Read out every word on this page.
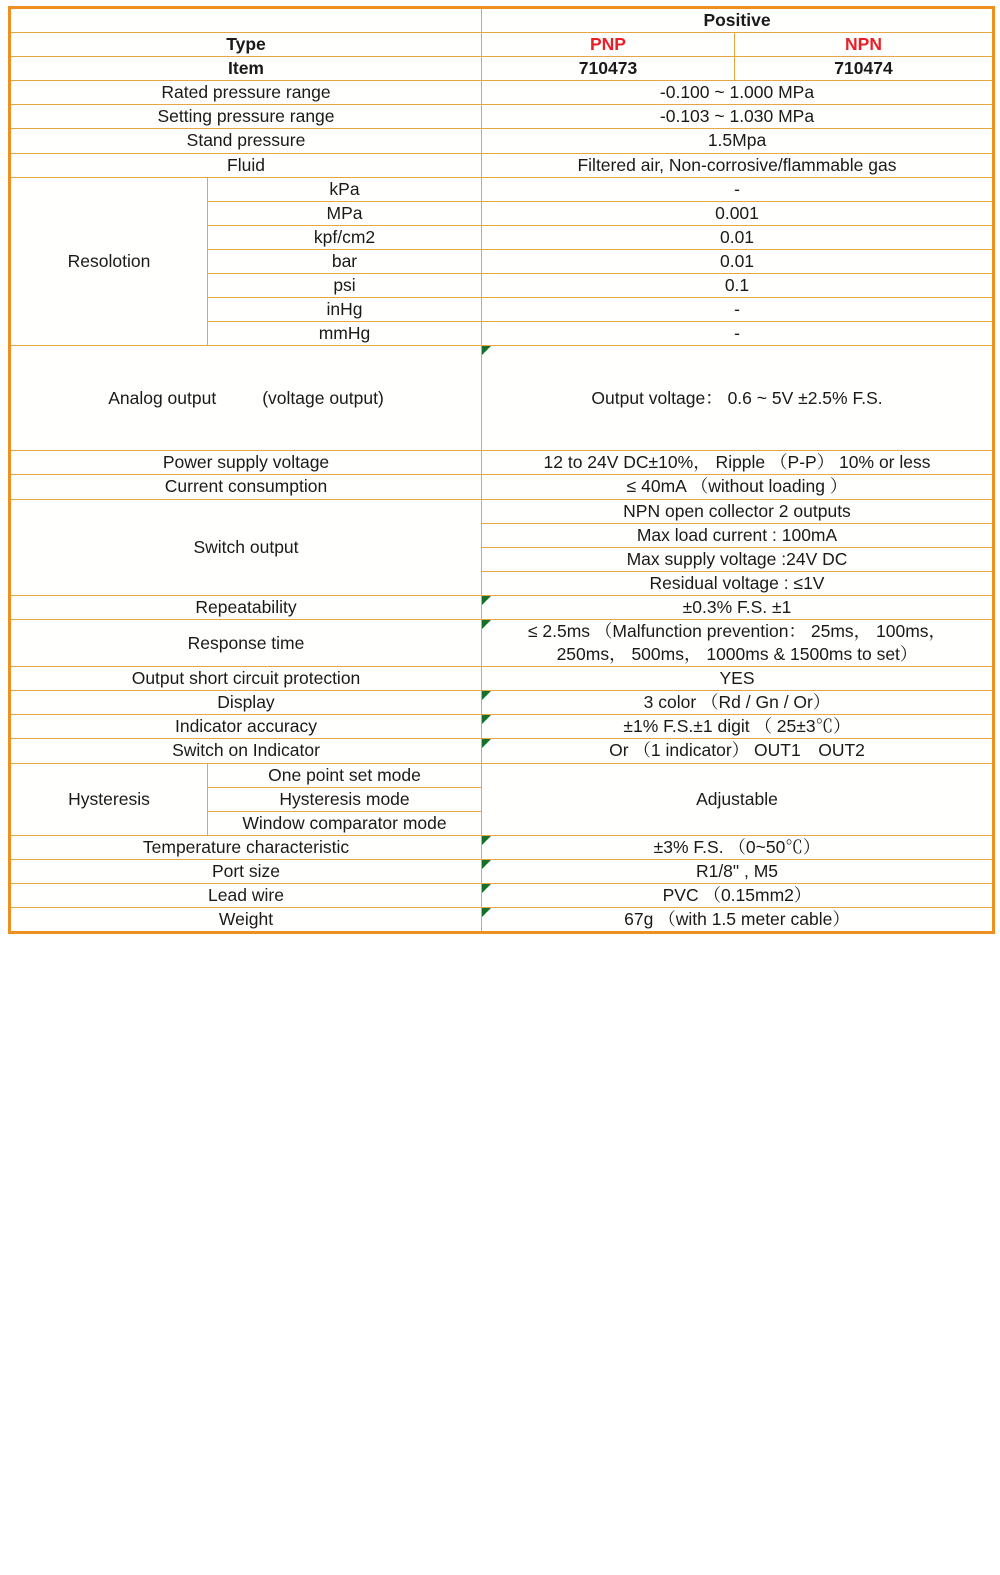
		Positive	
Type		PNP	NPN
Item		710473	710474
Rated pressure range		-0.100 ~ 1.000 MPa	
Setting pressure range		-0.103 ~ 1.030 MPa	
Stand pressure		1.5Mpa	
Fluid		Filtered air, Non-corrosive/flammable gas	
Resolotion	kPa	-	
	MPa	0.001	
	kpf/cm2	0.01	
	bar	0.01	
	psi	0.1	
	inHg	-	
	mmHg	-	
Analog output (voltage output)		Output voltage： 0.6 ~ 5V ±2.5% F.S.	
Power supply voltage		12 to 24V DC±10%， Ripple （P-P） 10% or less	
Current consumption		≤ 40mA （without loading ）	
Switch output		NPN open collector 2 outputs	
		Max load current : 100mA	
		Max supply voltage :24V DC	
		Residual voltage : ≤1V	
Repeatability		±0.3% F.S. ±1	
Response time		≤ 2.5ms （Malfunction prevention： 25ms， 100ms，
250ms， 500ms， 1000ms & 1500ms to set）	
Output short circuit protection		YES	
Display		3 color （Rd / Gn / Or）	
Indicator accuracy		±1% F.S.±1 digit （ 25±3℃）	
Switch on Indicator		Or （1 indicator） OUT1 OUT2	
Hysteresis	One point set mode	Adjustable	
	Hysteresis mode		
	Window comparator mode		
Temperature characteristic		±3% F.S. （0~50℃）	
Port size		R1/8" , M5	
Lead wire		PVC （0.15mm2）	
Weight		67g （with 1.5 meter cable）	
